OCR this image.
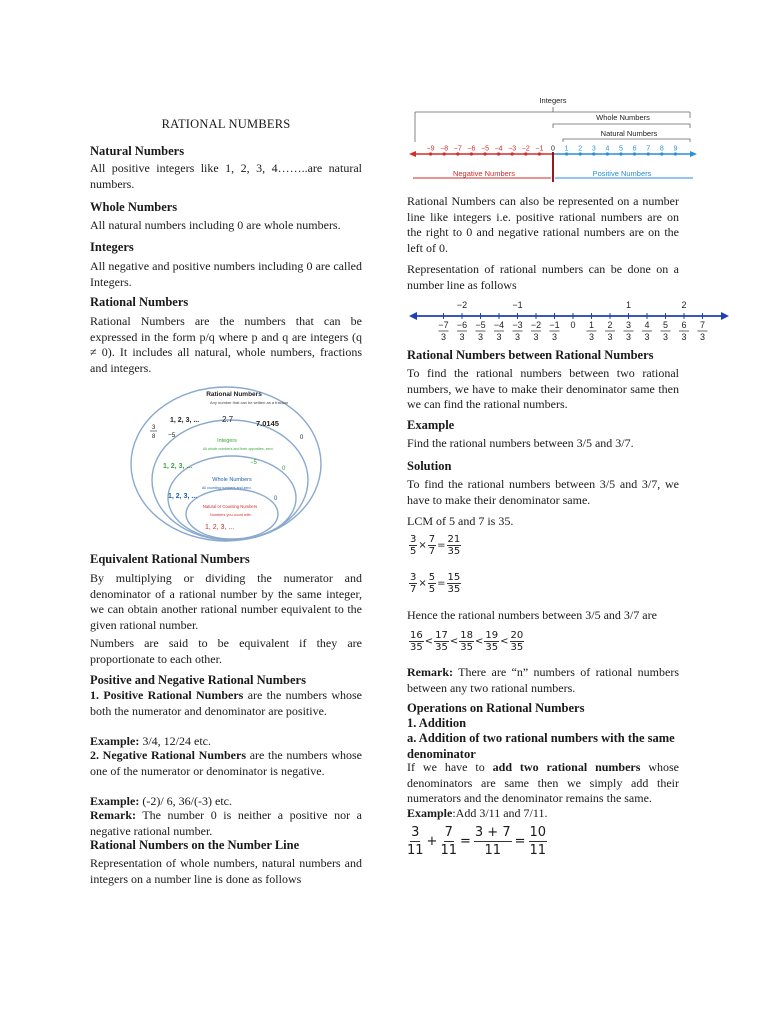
RATIONAL NUMBERS
Natural Numbers
All positive integers like 1, 2, 3, 4……..are natural numbers.
Whole Numbers
All natural numbers including 0 are whole numbers.
Integers
All negative and positive numbers including 0 are called Integers.
Rational Numbers
Rational Numbers are the numbers that can be expressed in the form p/q where p and q are integers (q ≠ 0). It includes all natural, whole numbers, fractions and integers.
Rational Numbers
Any number that can be written as a fraction
1, 2, 3, ...	2.7	7.0145
3
8 −5	0
Integers
All whole numbers and their opposites, zero.
1, 2, 3, ...	−5
0
Whole Numbers
All counting numbers and zero.
1, 2, 3, ...	0
Natural or Counting Numbers
Numbers you count with.
1, 2, 3, ...
Equivalent Rational Numbers
By multiplying or dividing the numerator and denominator of a rational number by the same integer, we can obtain another rational number equivalent to the given rational number.
Numbers are said to be equivalent if they are proportionate to each other.
Positive and Negative Rational Numbers
1. Positive Rational Numbers are the numbers whose both the numerator and denominator are positive.
Example: 3/4, 12/24 etc.
2. Negative Rational Numbers are the numbers whose one of the numerator or denominator is negative.
Example: (-2)/ 6, 36/(-3) etc.
Remark: The number 0 is neither a positive nor a negative rational number.
Rational Numbers on the Number Line
Representation of whole numbers, natural numbers and integers on a number line is done as follows
Integers
Whole Numbers
Natural Numbers
−9 −8 −7 −6 −5 −4 −3 −2 −1 0 1 2 3 4 5 6 7 8 9
Negative Numbers	Positive Numbers
Rational Numbers can also be represented on a number line like integers i.e. positive rational numbers are on the right to 0 and negative rational numbers are on the left of 0.
Representation of rational numbers can be done on a number line as follows
−2	−1	1	2
−7
3
−6
3
−5
3
−4
3
−3
3
−2
3
−1
3
0 1
3
2
3
3
3
4
3
5
3
6
3
7
3
Rational Numbers between Rational Numbers
To find the rational numbers between two rational numbers, we have to make their denominator same then we can find the rational numbers.
Example
Find the rational numbers between 3/5 and 3/7.
Solution
To find the rational numbers between 3/5 and 3/7, we have to make their denominator same.
LCM of 5 and 7 is 35.
$\frac{3}{5} \times \frac{7}{7} = \frac{21}{35}$
$\frac{3}{7} \times \frac{5}{5} = \frac{15}{35}$
Hence the rational numbers between 3/5 and 3/7 are
$\frac{16}{35} < \frac{17}{35} < \frac{18}{35} < \frac{19}{35} < \frac{20}{35}$
Remark: There are “n” numbers of rational numbers between any two rational numbers.
Operations on Rational Numbers
1. Addition
a. Addition of two rational numbers with the same denominator
If we have to add two rational numbers whose denominators are same then we simply add their numerators and the denominator remains the same.
Example:Add 3/11 and 7/11.
$\frac{3}{11} + \frac{7}{11} = \frac{3 + 7}{11} = \frac{10}{11}$
